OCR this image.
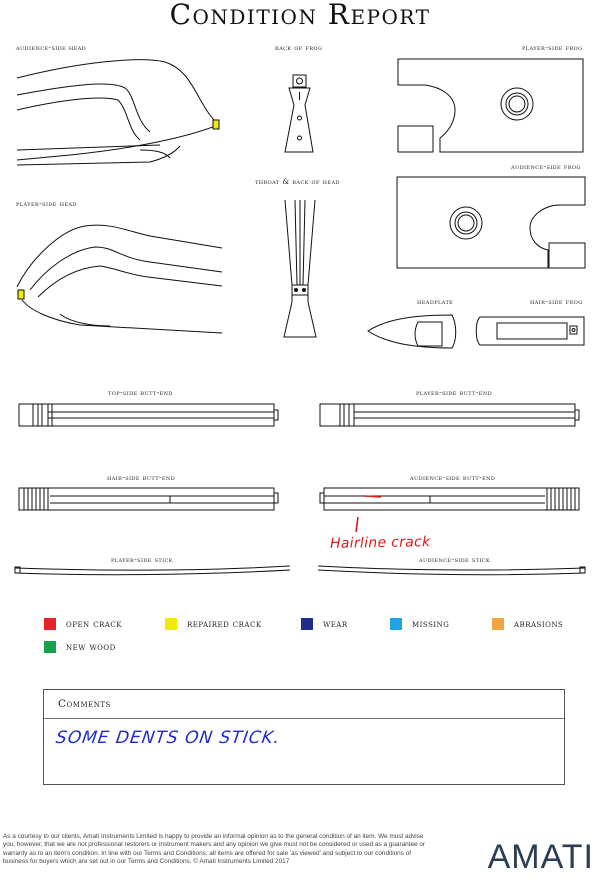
Condition Report
audience-side head	back of frog	player-side frog
throat & back of head
audience-side frog
player-side head
headplate	hair-side frog
top-side butt-end	player-side butt-end
hair-side butt-end	audience-side butt-end
player-side stick	audience-side stick
Hairline crack
open crack	repaired crack	wear	missing	abrasions
new wood
Comments
SOME DENTS ON STICK.
As a courtesy to our clients, Amati Instruments Limited is happy to provide an informal opinion as to the general condition of an item. We must advise you, however, that we are not professional restorers or instrument makers and any opinion we give must not be considered or used as a guarantee or warranty as to an item's condition. In line with our Terms and Conditions, all items are offered for sale 'as viewed' and subject to our conditions of business for buyers which are set out in our Terms and Conditions. © Amati Instruments Limited 2017	AMATI
